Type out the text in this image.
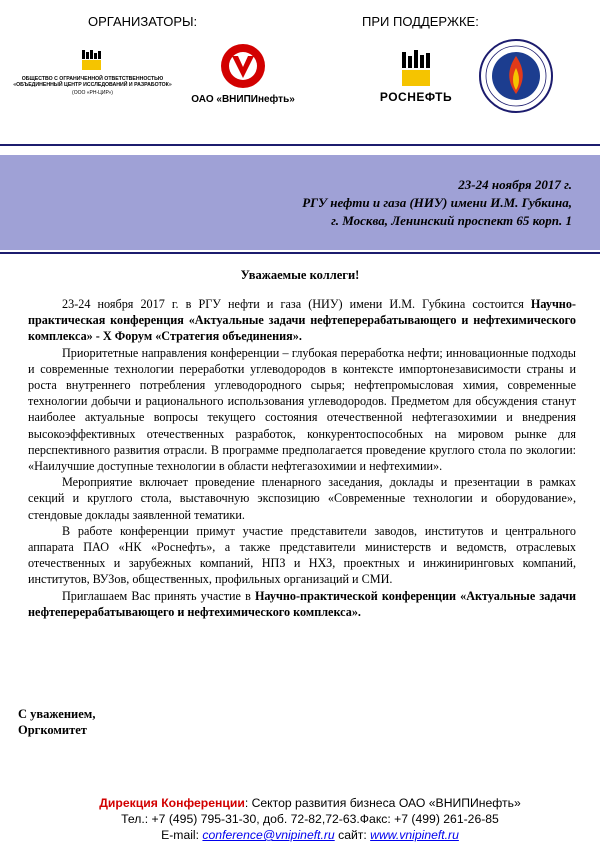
ОРГАНИЗАТОРЫ:	ПРИ ПОДДЕРЖКЕ:
ОБЩЕСТВО С ОГРАНИЧЕННОЙ ОТВЕТСТВЕННОСТЬЮ
«ОБЪЕДИНЕННЫЙ ЦЕНТР ИССЛЕДОВАНИЙ И РАЗРАБОТОК»
(ООО «РН-ЦИР»)
ОАО «ВНИПИнефть»	РОСНЕФТЬ
23-24 ноября 2017 г.
РГУ нефти и газа (НИУ) имени И.М. Губкина,
г. Москва, Ленинский проспект 65 корп. 1
Уважаемые коллеги!

23-24 ноября 2017 г. в РГУ нефти и газа (НИУ) имени И.М. Губкина состоится Научно-практическая конференция «Актуальные задачи нефтеперерабатывающего и нефтехимического комплекса» - Х Форум «Стратегия объединения».

Приоритетные направления конференции – глубокая переработка нефти; инновационные подходы и современные технологии переработки углеводородов в контексте импортонезависимости страны и роста внутреннего потребления углеводородного сырья; нефтепромысловая химия, современные технологии добычи и рационального использования углеводородов. Предметом для обсуждения станут наиболее актуальные вопросы текущего состояния отечественной нефтегазохимии и внедрения высокоэффективных отечественных разработок, конкурентоспособных на мировом рынке для перспективного развития отрасли. В программе предполагается проведение круглого стола по экологии: «Наилучшие доступные технологии в области нефтегазохимии и нефтехимии».

Мероприятие включает проведение пленарного заседания, доклады и презентации в рамках секций и круглого стола, выставочную экспозицию «Современные технологии и оборудование», стендовые доклады заявленной тематики.

В работе конференции примут участие представители заводов, институтов и центрального аппарата ПАО «НК «Роснефть», а также представители министерств и ведомств, отраслевых отечественных и зарубежных компаний, НПЗ и НХЗ, проектных и инжиниринговых компаний, институтов, ВУЗов, общественных, профильных организаций и СМИ.

Приглашаем Вас принять участие в Научно-практической конференции «Актуальные задачи нефтеперерабатывающего и нефтехимического комплекса».

С уважением,
Оргкомитет
Дирекция Конференции: Сектор развития бизнеса ОАО «ВНИПИнефть»
Тел.: +7 (495) 795-31-30, доб. 72-82,72-63.Факс: +7 (499) 261-26-85
E-mail: conference@vnipineft.ru сайт: www.vnipineft.ru
